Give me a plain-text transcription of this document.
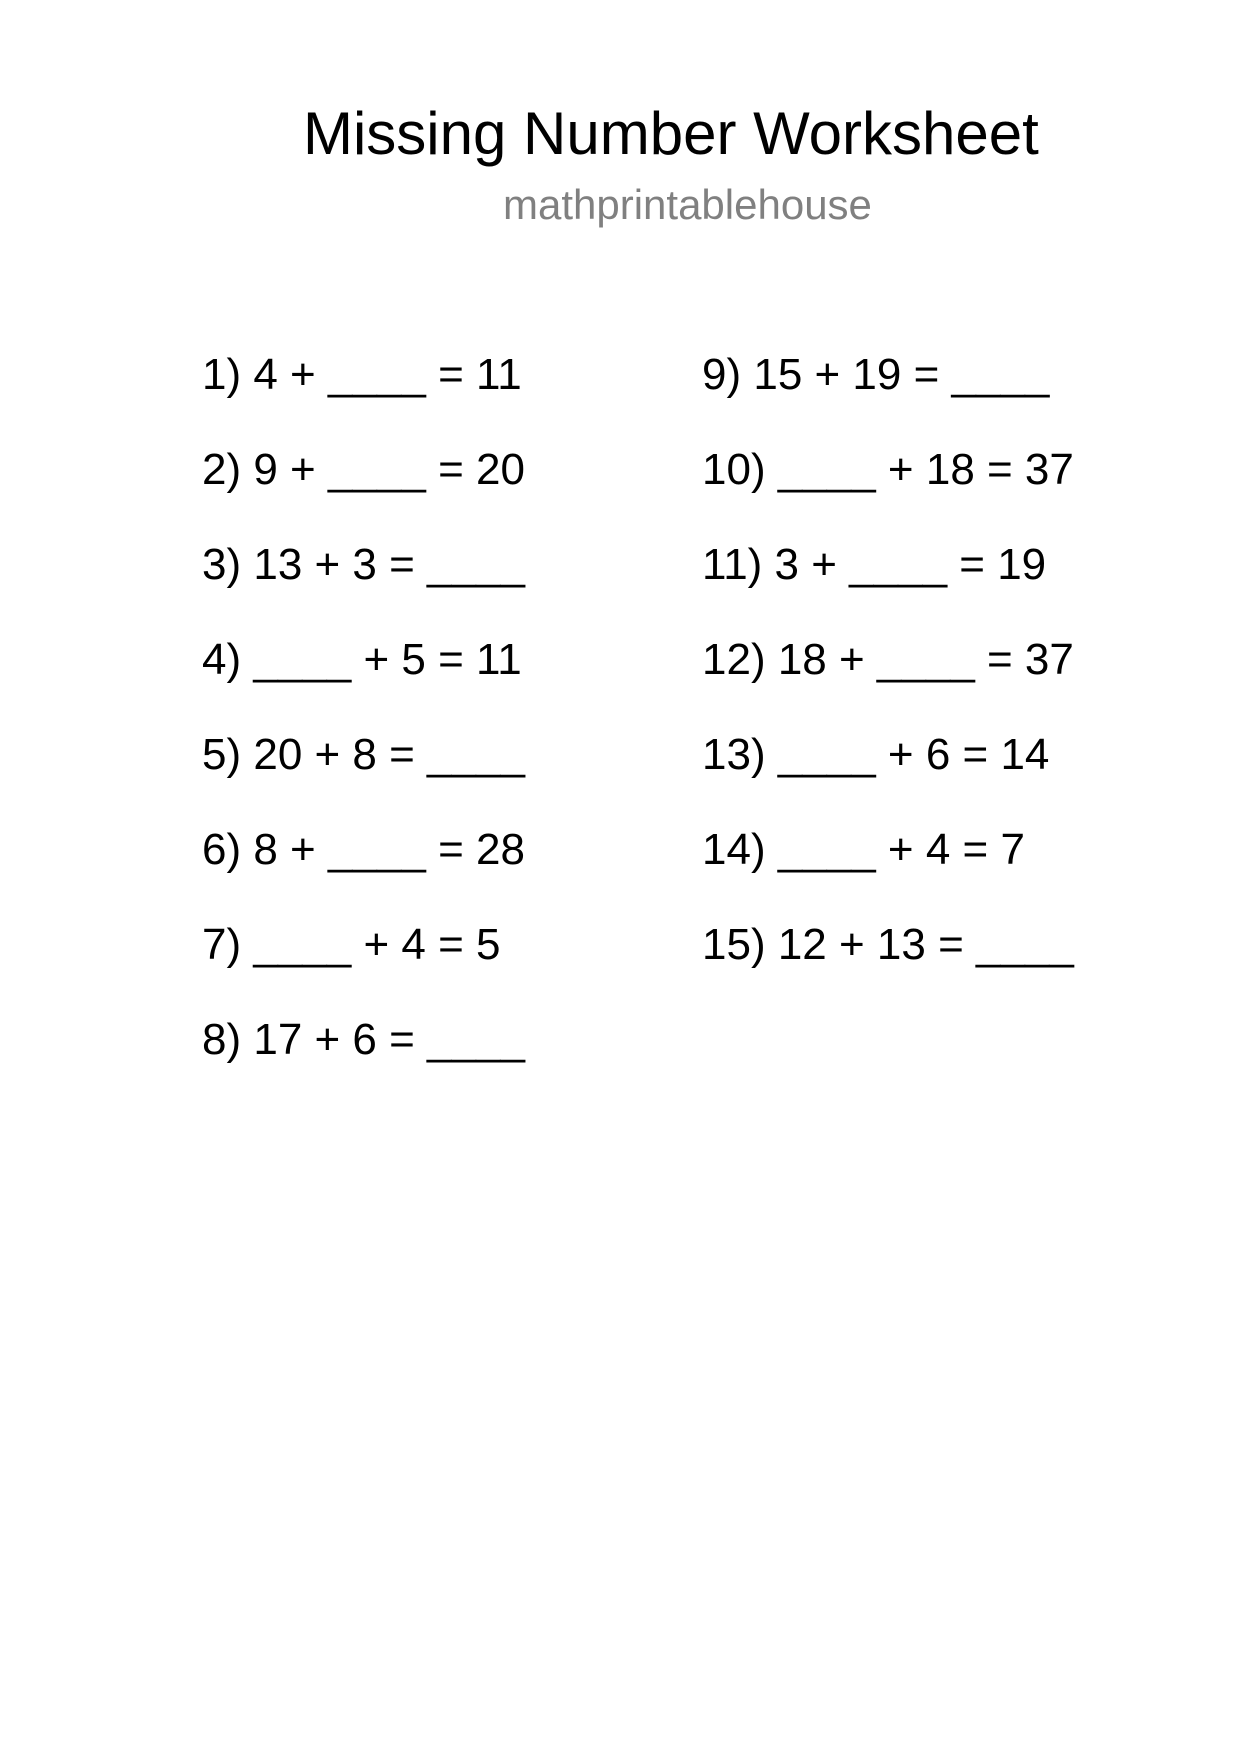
Missing Number Worksheet
mathprintablehouse
1) 4 + ____ = 11
2) 9 + ____ = 20
3) 13 + 3 = ____
4) ____ + 5 = 11
5) 20 + 8 = ____
6) 8 + ____ = 28
7) ____ + 4 = 5
8) 17 + 6 = ____
9) 15 + 19 = ____
10) ____ + 18 = 37
11) 3 + ____ = 19
12) 18 + ____ = 37
13) ____ + 6 = 14
14) ____ + 4 = 7
15) 12 + 13 = ____
